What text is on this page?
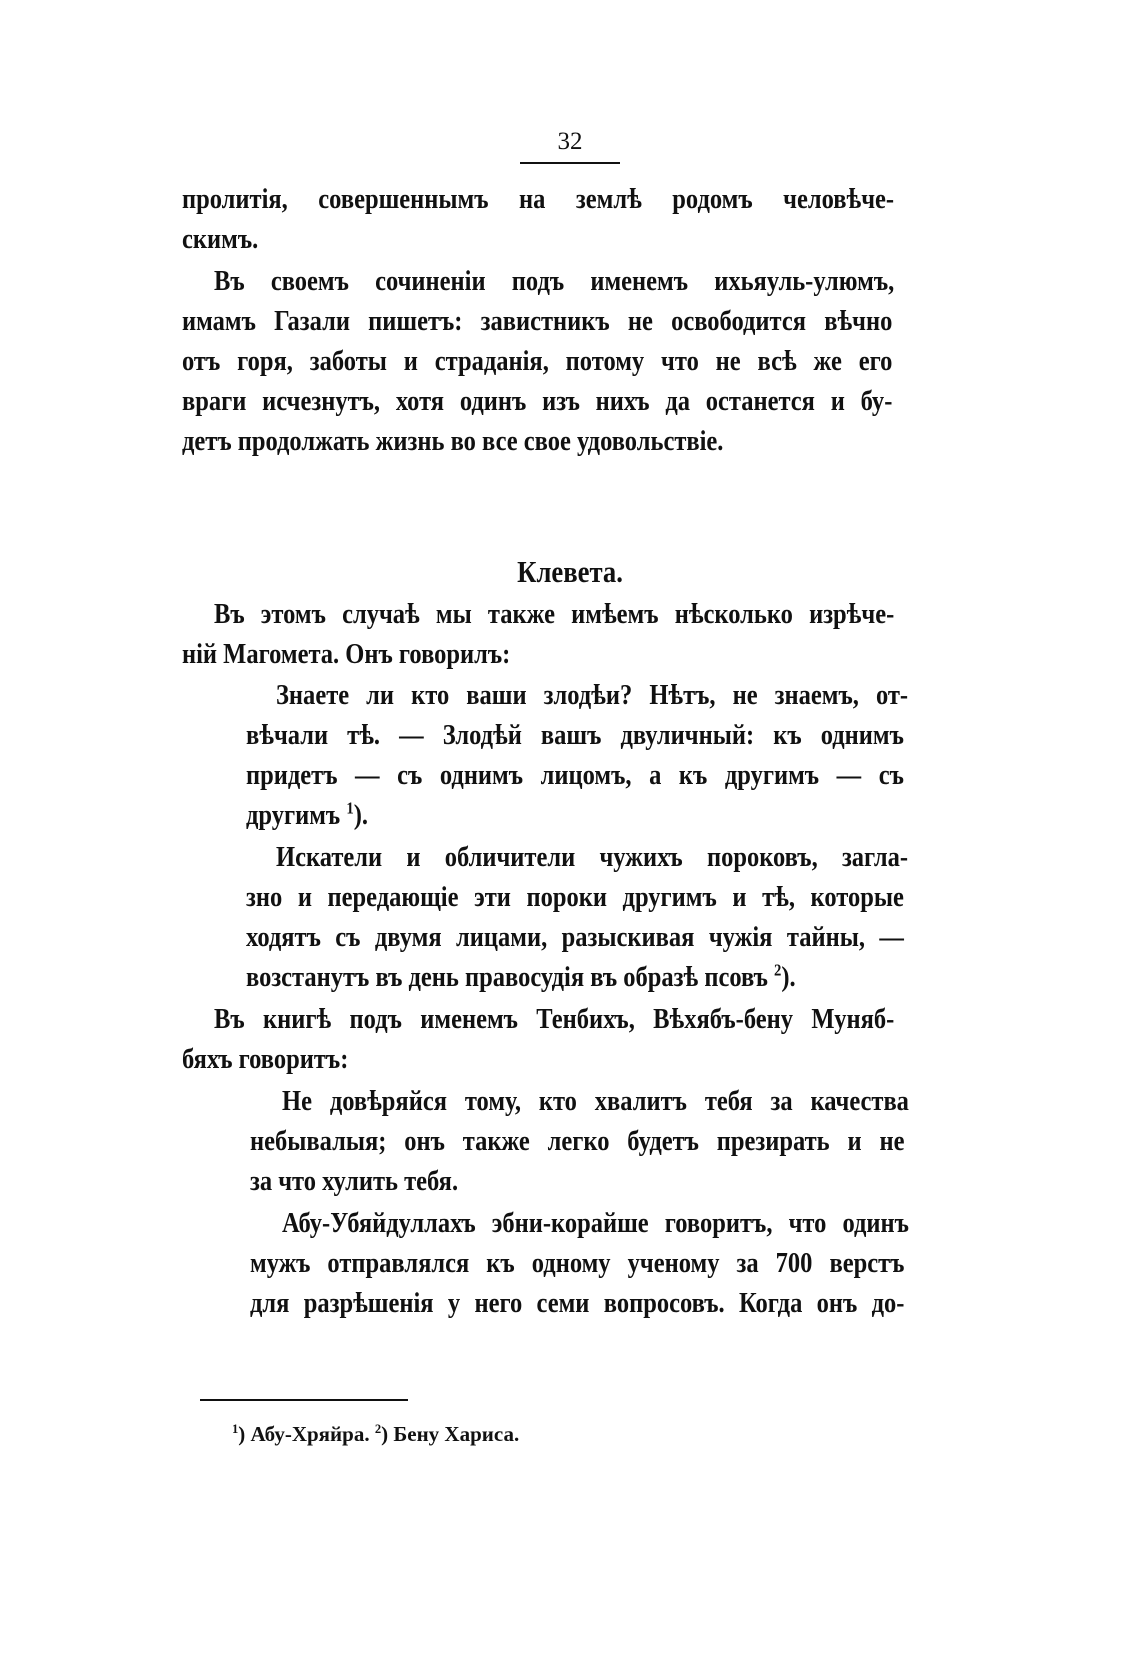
32

пролитія, совершеннымъ на землѣ родомъ человѣче-

скимъ.

Въ своемъ сочиненіи подъ именемъ ихьяуль-улюмъ,

имамъ Газали пишетъ: завистникъ не освободится вѣчно

отъ горя, заботы и страданія, потому что не всѣ же его

враги исчезнутъ, хотя одинъ изъ нихъ да останется и бу-

детъ продолжать жизнь во все свое удовольствіе.

Клевета.

Въ этомъ случаѣ мы также имѣемъ нѣсколько изрѣче-

ній Магомета. Онъ говорилъ:

Знаете ли кто ваши злодѣи? Нѣтъ, не знаемъ, от-

вѣчали тѣ. — Злодѣй вашъ двуличный: къ однимъ

придетъ — съ однимъ лицомъ, а къ другимъ — съ

другимъ $^1$).

Искатели и обличители чужихъ пороковъ, загла-

зно и передающіе эти пороки другимъ и тѣ, которые

ходятъ съ двумя лицами, разыскивая чужія тайны, —

возстанутъ въ день правосудія въ образѣ псовъ $^2$).

Въ книгѣ подъ именемъ Тенбихъ, Вѣхябъ-бену Муняб-

бяхъ говоритъ:

Не довѣряйся тому, кто хвалитъ тебя за качества

небывалыя; онъ также легко будетъ презирать и не

за что хулить тебя.

Абу-Убяйдуллахъ эбни-корайше говоритъ, что одинъ

мужъ отправлялся къ одному ученому за 700 верстъ

для разрѣшенія у него семи вопросовъ. Когда онъ до-

$^1$) Абу-Хряйра. $^2$) Бену Хариса.
